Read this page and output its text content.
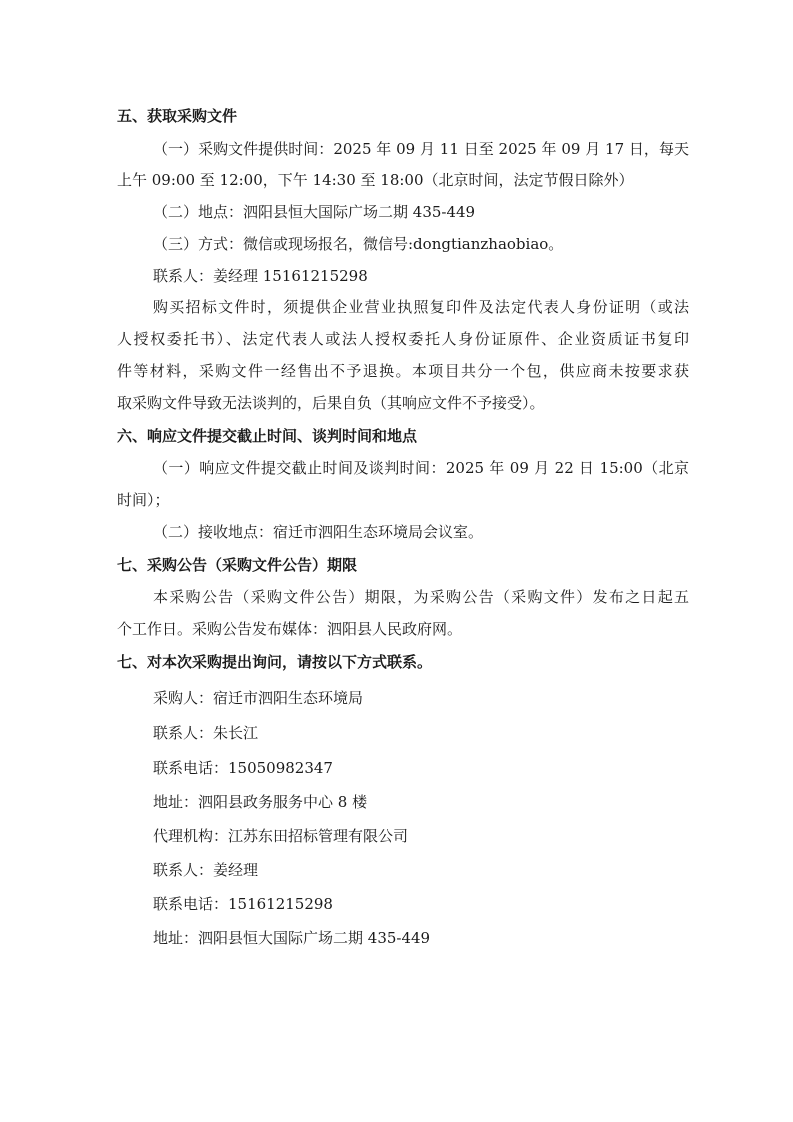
五、获取采购文件
（一）采购文件提供时间：2025 年 09 月 11 日至 2025 年 09 月 17 日，每天
上午 09:00 至 12:00，下午 14:30 至 18:00（北京时间，法定节假日除外）
（二）地点：泗阳县恒大国际广场二期 435-449
（三）方式：微信或现场报名，微信号:dongtianzhaobiao。
联系人：姜经理 15161215298
购买招标文件时，须提供企业营业执照复印件及法定代表人身份证明（或法
人授权委托书）、法定代表人或法人授权委托人身份证原件、企业资质证书复印
件等材料，采购文件一经售出不予退换。本项目共分一个包，供应商未按要求获
取采购文件导致无法谈判的，后果自负（其响应文件不予接受）。
六、响应文件提交截止时间、谈判时间和地点
（一）响应文件提交截止时间及谈判时间：2025 年 09 月 22 日 15:00（北京
时间）；
（二）接收地点：宿迁市泗阳生态环境局会议室。
七、采购公告（采购文件公告）期限
本采购公告（采购文件公告）期限，为采购公告（采购文件）发布之日起五
个工作日。采购公告发布媒体：泗阳县人民政府网。
七、对本次采购提出询问，请按以下方式联系。
采购人：宿迁市泗阳生态环境局
联系人：朱长江
联系电话：15050982347
地址：泗阳县政务服务中心 8 楼
代理机构：江苏东田招标管理有限公司
联系人：姜经理
联系电话：15161215298
地址：泗阳县恒大国际广场二期 435-449
